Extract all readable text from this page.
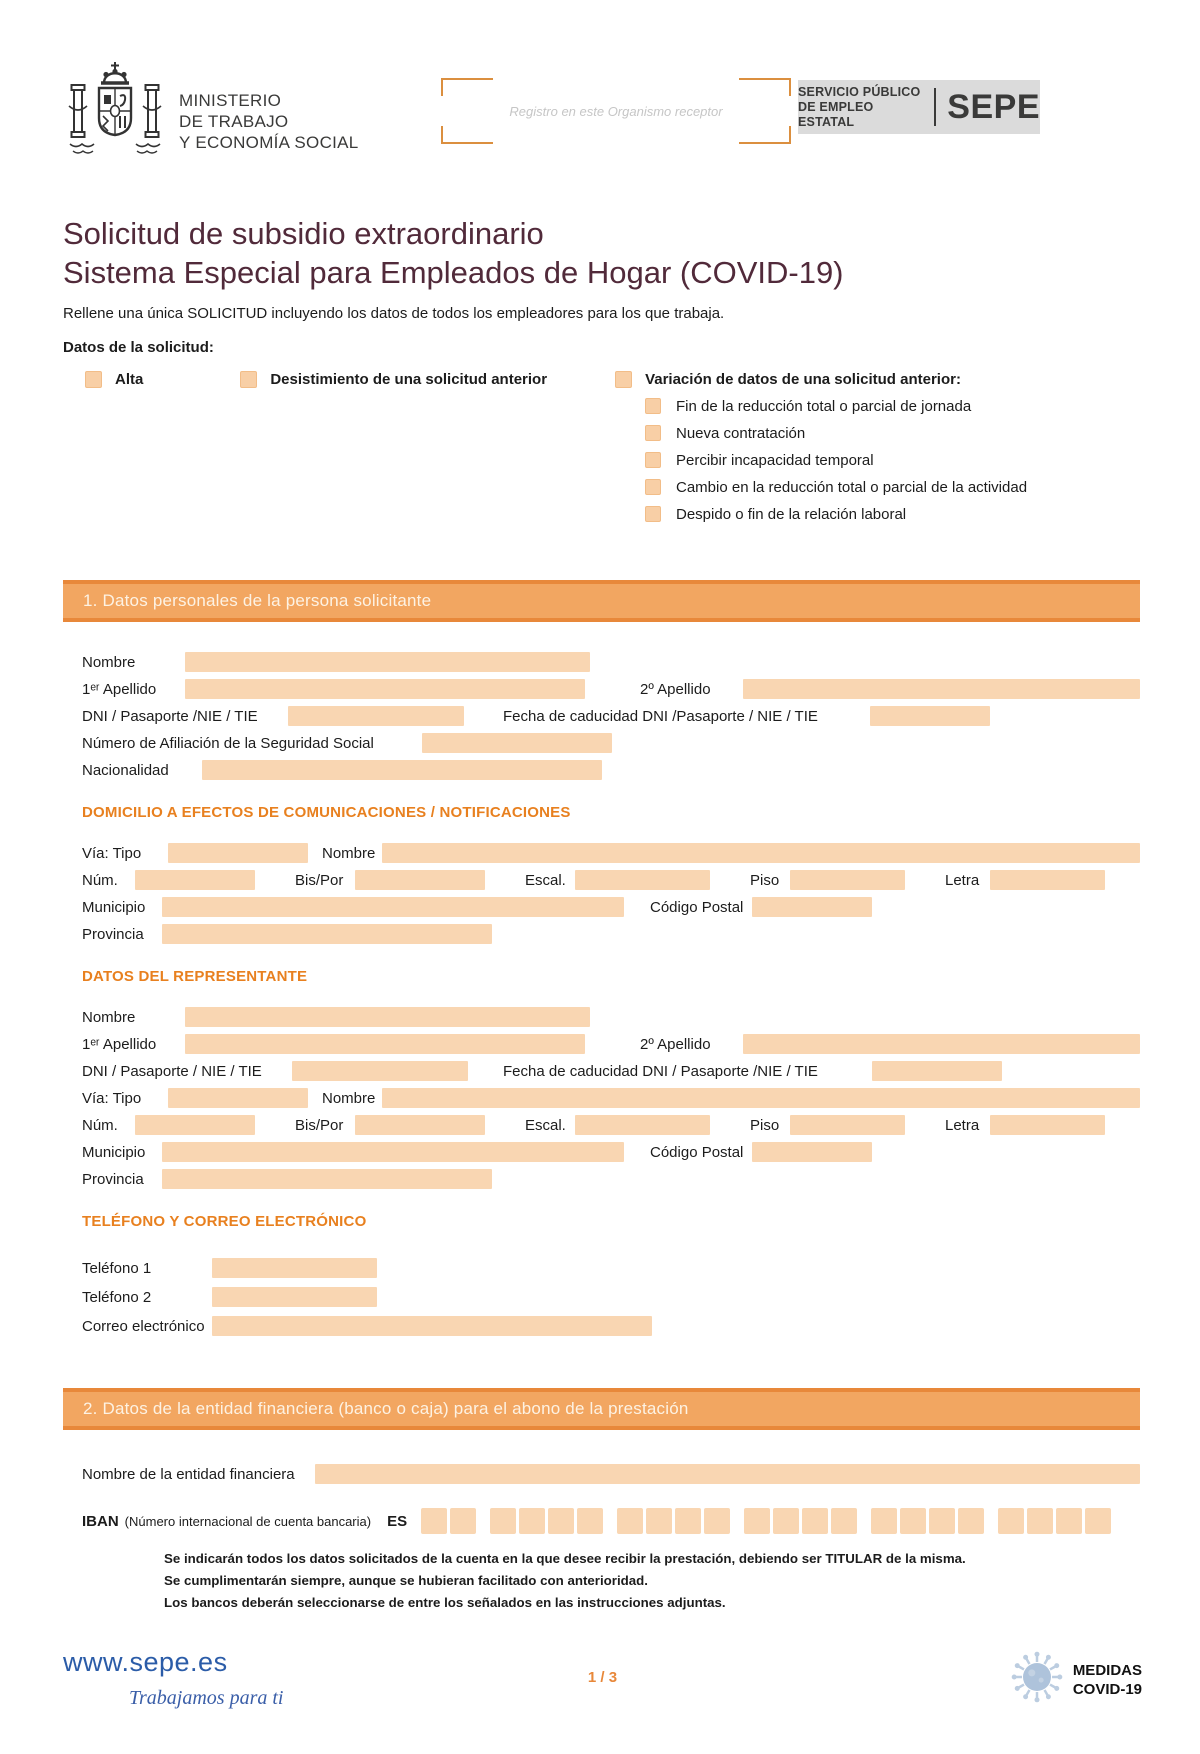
MINISTERIO
DE TRABAJO
Y ECONOMÍA SOCIAL
Registro en este Organismo receptor
SERVICIO PÚBLICO
DE EMPLEO ESTATAL	SEPE
Solicitud de subsidio extraordinario
Sistema Especial para Empleados de Hogar (COVID-19)

Rellene una única SOLICITUD incluyendo los datos de todos los empleadores para los que trabaja.

Datos de la solicitud:

Alta	Desistimiento de una solicitud anterior	Variación de datos de una solicitud anterior:
Fin de la reducción total o parcial de jornada
Nueva contratación
Percibir incapacidad temporal
Cambio en la reducción total o parcial de la actividad
Despido o fin de la relación laboral
1. Datos personales de la persona solicitante
Nombre
1ᵉʳ Apellido	2º Apellido
DNI / Pasaporte /NIE / TIE	Fecha de caducidad DNI /Pasaporte / NIE / TIE
Número de Afiliación de la Seguridad Social
Nacionalidad
DOMICILIO A EFECTOS DE COMUNICACIONES / NOTIFICACIONES
Vía: Tipo	Nombre
Núm.	Bis/Por	Escal.	Piso	Letra
Municipio	Código Postal
Provincia
DATOS DEL REPRESENTANTE
Nombre
1ᵉʳ Apellido	2º Apellido
DNI / Pasaporte / NIE / TIE	Fecha de caducidad DNI / Pasaporte /NIE / TIE
Vía: Tipo	Nombre
Núm.	Bis/Por	Escal.	Piso	Letra
Municipio	Código Postal
Provincia
TELÉFONO Y CORREO ELECTRÓNICO
Teléfono 1
Teléfono 2
Correo electrónico
2. Datos de la entidad financiera (banco o caja) para el abono de la prestación
Nombre de la entidad financiera
IBAN (Número internacional de cuenta bancaria) ES
Se indicarán todos los datos solicitados de la cuenta en la que desee recibir la prestación, debiendo ser TITULAR de la misma.
Se cumplimentarán siempre, aunque se hubieran facilitado con anterioridad.
Los bancos deberán seleccionarse de entre los señalados en las instrucciones adjuntas.
www.sepe.es
Trabajamos para ti
1 / 3	MEDIDAS
COVID-19
